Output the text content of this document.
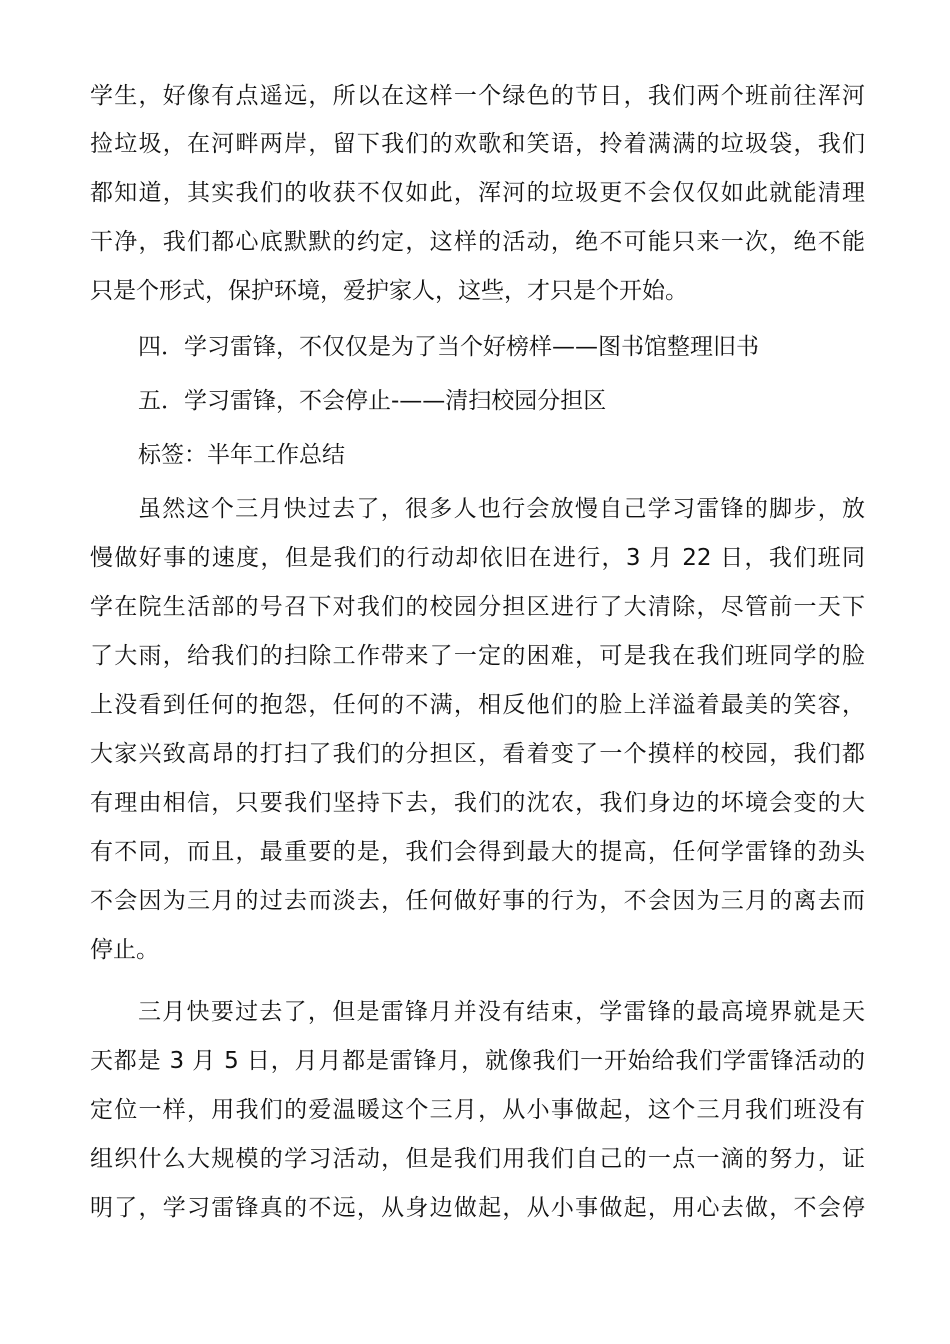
学生，好像有点遥远，所以在这样一个绿色的节日，我们两个班前往浑河
捡垃圾，在河畔两岸，留下我们的欢歌和笑语，拎着满满的垃圾袋，我们
都知道，其实我们的收获不仅如此，浑河的垃圾更不会仅仅如此就能清理
干净，我们都心底默默的约定，这样的活动，绝不可能只来一次，绝不能
只是个形式，保护环境，爱护家人，这些，才只是个开始。
四．学习雷锋，不仅仅是为了当个好榜样——图书馆整理旧书
五．学习雷锋，不会停止-——清扫校园分担区
标签：半年工作总结
虽然这个三月快过去了，很多人也行会放慢自己学习雷锋的脚步，放
慢做好事的速度，但是我们的行动却依旧在进行，3 月 22 日，我们班同
学在院生活部的号召下对我们的校园分担区进行了大清除，尽管前一天下
了大雨，给我们的扫除工作带来了一定的困难，可是我在我们班同学的脸
上没看到任何的抱怨，任何的不满，相反他们的脸上洋溢着最美的笑容，
大家兴致高昂的打扫了我们的分担区，看着变了一个摸样的校园，我们都
有理由相信，只要我们坚持下去，我们的沈农，我们身边的坏境会变的大
有不同，而且，最重要的是，我们会得到最大的提高，任何学雷锋的劲头
不会因为三月的过去而淡去，任何做好事的行为，不会因为三月的离去而
停止。
三月快要过去了，但是雷锋月并没有结束，学雷锋的最高境界就是天
天都是 3 月 5 日，月月都是雷锋月，就像我们一开始给我们学雷锋活动的
定位一样，用我们的爱温暖这个三月，从小事做起，这个三月我们班没有
组织什么大规模的学习活动，但是我们用我们自己的一点一滴的努力，证
明了，学习雷锋真的不远，从身边做起，从小事做起，用心去做，不会停
